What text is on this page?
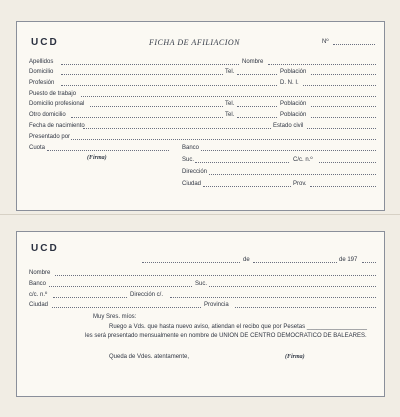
UCD	FICHA DE AFILIACION	Nº
Apellidos	Nombre
Domicilio	Tel.	Población
Profesión	D. N. I.
Puesto de trabajo
Domicilio profesional	Tel.	Población
Otro domicilio	Tel.	Población
Fecha de nacimiento	Estado civil
Presentado por
Cuota	Banco
(Firma)	Suc.	C/c. n.º
Dirección
Ciudad	Prov.
UCD
de	de 197
Nombre
Banco	Suc.
c/c. n.º	Dirección c/.
Ciudad	Provincia
Muy Sres. míos:
Ruego a Vds. que hasta nuevo aviso, atiendan el recibo que por Pesetas __________________ les será presentado mensualmente en nombre de UNION DE CENTRO DEMOCRATICO DE BALEARES.
Queda de Vdes. atentamente,	(Firma)
